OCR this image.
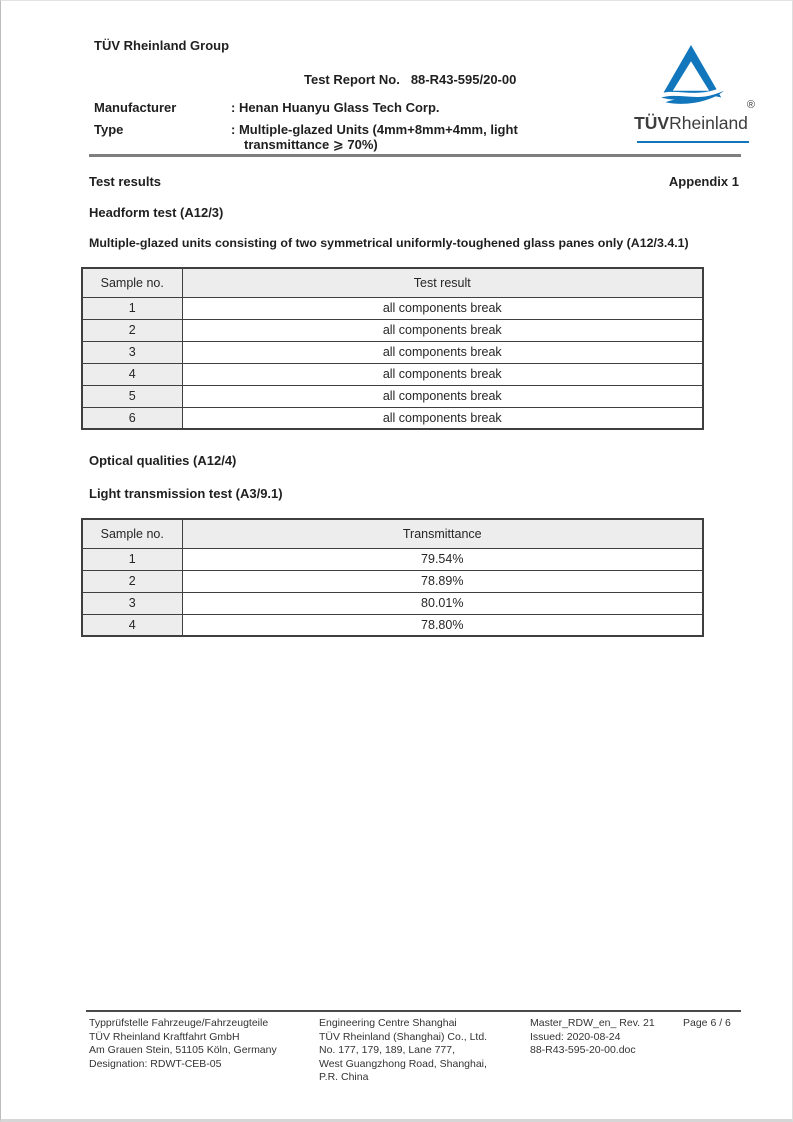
TÜV Rheinland Group
TÜVRheinland
®
Test Report No. 88-R43-595/20-00
Manufacturer	: Henan Huanyu Glass Tech Corp.
Type	: Multiple-glazed Units (4mm+8mm+4mm, light
transmittance ⩾ 70%)
Test results	Appendix 1
Headform test (A12/3)
Multiple-glazed units consisting of two symmetrical uniformly-toughened glass panes only (A12/3.4.1)
Sample no.	Test result
1	all components break
2	all components break
3	all components break
4	all components break
5	all components break
6	all components break
Optical qualities (A12/4)
Light transmission test (A3/9.1)
Sample no.	Transmittance
1	79.54%
2	78.89%
3	80.01%
4	78.80%
Typprüfstelle Fahrzeuge/Fahrzeugteile
TÜV Rheinland Kraftfahrt GmbH
Am Grauen Stein, 51105 Köln, Germany
Designation: RDWT-CEB-05
Engineering Centre Shanghai
TÜV Rheinland (Shanghai) Co., Ltd.
No. 177, 179, 189, Lane 777,
West Guangzhong Road, Shanghai,
P.R. China
Master_RDW_en_ Rev. 21
Issued: 2020-08-24
88-R43-595-20-00.doc
Page 6 / 6
